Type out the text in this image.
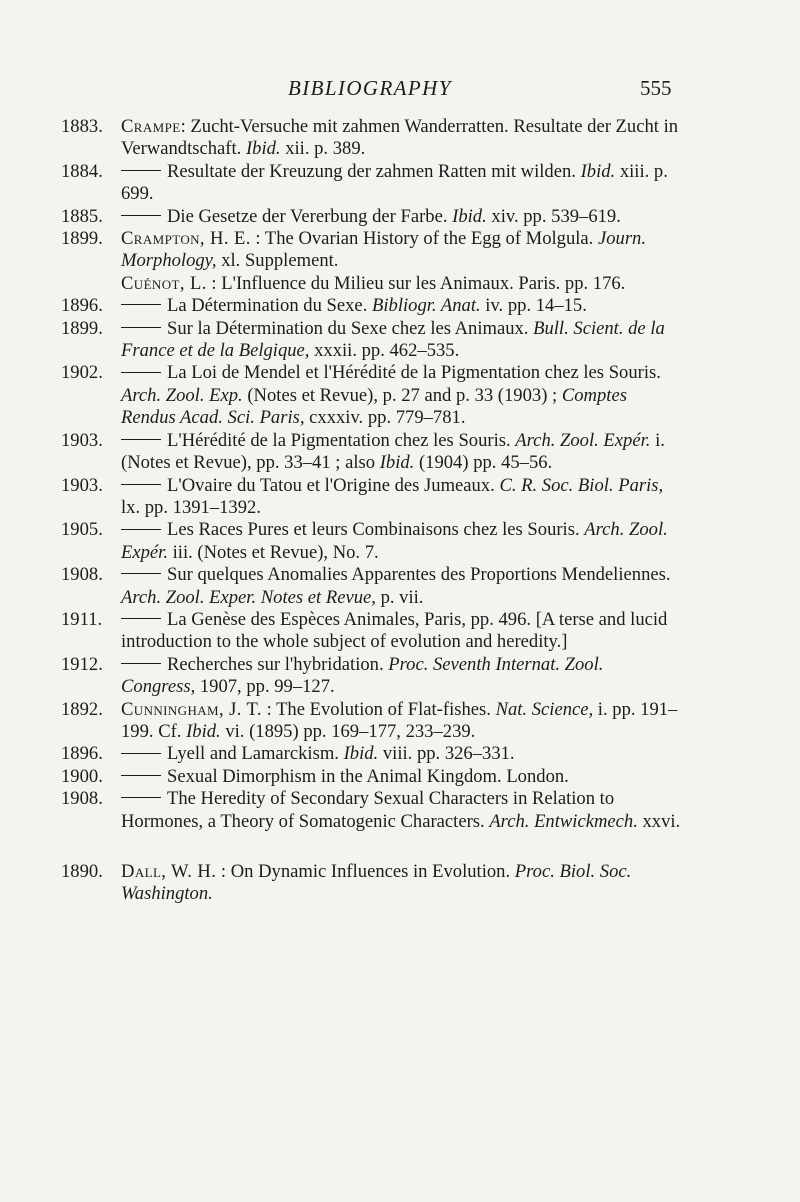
BIBLIOGRAPHY	555
1883. Crampe: Zucht-Versuche mit zahmen Wanderratten. Resultate der Zucht in Verwandtschaft. Ibid. xii. p. 389.
1884.	Resultate der Kreuzung der zahmen Ratten mit wilden. Ibid. xiii. p. 699.
1885.	Die Gesetze der Vererbung der Farbe. Ibid. xiv. pp. 539–619.
1899. Crampton, H. E. : The Ovarian History of the Egg of Molgula. Journ. Morphology, xl. Supplement.
Cuénot, L. : L'Influence du Milieu sur les Animaux. Paris. pp. 176.
1896.	La Détermination du Sexe. Bibliogr. Anat. iv. pp. 14–15.
1899.	Sur la Détermination du Sexe chez les Animaux. Bull. Scient. de la France et de la Belgique, xxxii. pp. 462–535.
1902.	La Loi de Mendel et l'Hérédité de la Pigmentation chez les Souris. Arch. Zool. Exp. (Notes et Revue), p. 27 and p. 33 (1903) ; Comptes Rendus Acad. Sci. Paris, cxxxiv. pp. 779–781.
1903.	L'Hérédité de la Pigmentation chez les Souris. Arch. Zool. Expér. i. (Notes et Revue), pp. 33–41 ; also Ibid. (1904) pp. 45–56.
1903.	L'Ovaire du Tatou et l'Origine des Jumeaux. C. R. Soc. Biol. Paris, lx. pp. 1391–1392.
1905.	Les Races Pures et leurs Combinaisons chez les Souris. Arch. Zool. Expér. iii. (Notes et Revue), No. 7.
1908.	Sur quelques Anomalies Apparentes des Proportions Mendeliennes. Arch. Zool. Exper. Notes et Revue, p. vii.
1911.	La Genèse des Espèces Animales, Paris, pp. 496. [A terse and lucid introduction to the whole subject of evolution and heredity.]
1912.	Recherches sur l'hybridation. Proc. Seventh Internat. Zool. Congress, 1907, pp. 99–127.
1892. Cunningham, J. T. : The Evolution of Flat-fishes. Nat. Science, i. pp. 191–199. Cf. Ibid. vi. (1895) pp. 169–177, 233–239.
1896.	Lyell and Lamarckism. Ibid. viii. pp. 326–331.
1900.	Sexual Dimorphism in the Animal Kingdom. London.
1908.	The Heredity of Secondary Sexual Characters in Relation to Hormones, a Theory of Somatogenic Characters. Arch. Entwickmech. xxvi.
1890. Dall, W. H. : On Dynamic Influences in Evolution. Proc. Biol. Soc. Washington.
